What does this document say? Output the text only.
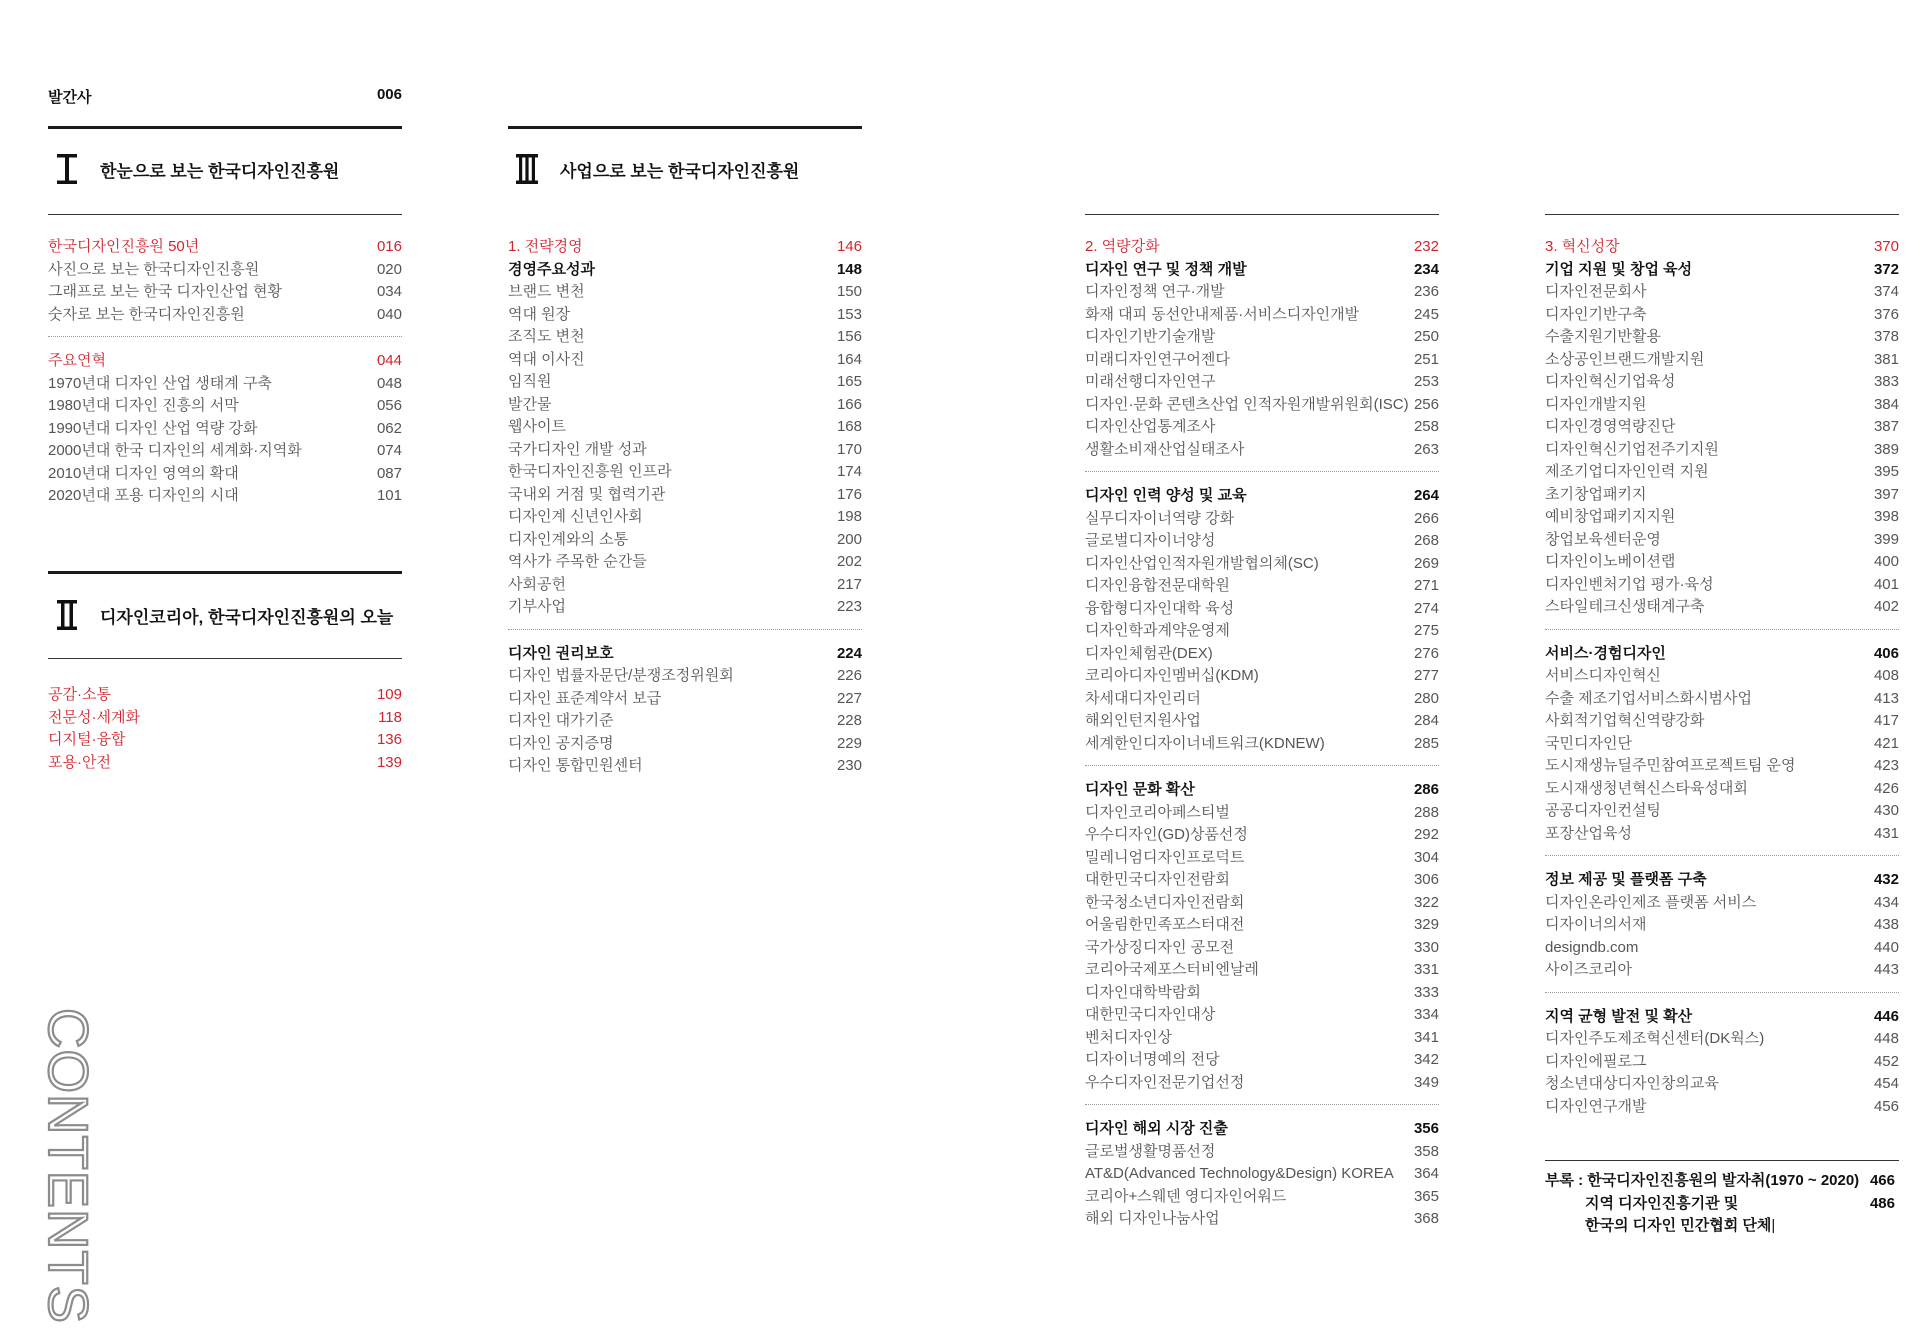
발간사	006
한눈으로 보는 한국디자인진흥원
디자인코리아, 한국디자인진흥원의 오늘
사업으로 보는 한국디자인진흥원
한국디자인진흥원 50년	016
사진으로 보는 한국디자인진흥원	020
그래프로 보는 한국 디자인산업 현황	034
숫자로 보는 한국디자인진흥원	040
주요연혁	044
1970년대 디자인 산업 생태계 구축	048
1980년대 디자인 진흥의 서막	056
1990년대 디자인 산업 역량 강화	062
2000년대 한국 디자인의 세계화·지역화	074
2010년대 디자인 영역의 확대	087
2020년대 포용 디자인의 시대	101
공감·소통	109
전문성·세계화	118
디지털·융합	136
포용·안전	139
1. 전략경영	146
경영주요성과	148
브랜드 변천	150
역대 원장	153
조직도 변천	156
역대 이사진	164
임직원	165
발간물	166
웹사이트	168
국가디자인 개발 성과	170
한국디자인진흥원 인프라	174
국내외 거점 및 협력기관	176
디자인계 신년인사회	198
디자인계와의 소통	200
역사가 주목한 순간들	202
사회공헌	217
기부사업	223
디자인 권리보호	224
디자인 법률자문단/분쟁조정위원회	226
디자인 표준계약서 보급	227
디자인 대가기준	228
디자인 공지증명	229
디자인 통합민원센터	230
2. 역량강화	232
디자인 연구 및 정책 개발	234
디자인정책 연구·개발	236
화재 대피 동선안내제품·서비스디자인개발	245
디자인기반기술개발	250
미래디자인연구어젠다	251
미래선행디자인연구	253
디자인·문화 콘텐츠산업 인적자원개발위원회(ISC) 256
디자인산업통계조사	258
생활소비재산업실태조사	263
디자인 인력 양성 및 교육	264
실무디자이너역량 강화	266
글로벌디자이너양성	268
디자인산업인적자원개발협의체(SC)	269
디자인융합전문대학원	271
융합형디자인대학 육성	274
디자인학과계약운영제	275
디자인체험관(DEX)	276
코리아디자인멤버십(KDM)	277
차세대디자인리더	280
해외인턴지원사업	284
세계한인디자이너네트워크(KDNEW)	285
디자인 문화 확산	286
디자인코리아페스티벌	288
우수디자인(GD)상품선정	292
밀레니엄디자인프로덕트	304
대한민국디자인전람회	306
한국청소년디자인전람회	322
어울림한민족포스터대전	329
국가상징디자인 공모전	330
코리아국제포스터비엔날레	331
디자인대학박람회	333
대한민국디자인대상	334
벤처디자인상	341
디자이너명예의 전당	342
우수디자인전문기업선정	349
디자인 해외 시장 진출	356
글로벌생활명품선정	358
AT&D(Advanced Technology&Design) KOREA 364
코리아+스웨덴 영디자인어워드	365
해외 디자인나눔사업	368
3. 혁신성장	370
기업 지원 및 창업 육성	372
디자인전문회사	374
디자인기반구축	376
수출지원기반활용	378
소상공인브랜드개발지원	381
디자인혁신기업육성	383
디자인개발지원	384
디자인경영역량진단	387
디자인혁신기업전주기지원	389
제조기업디자인인력 지원	395
초기창업패키지	397
예비창업패키지지원	398
창업보육센터운영	399
디자인이노베이션랩	400
디자인벤처기업 평가·육성	401
스타일테크신생태계구축	402
서비스·경험디자인	406
서비스디자인혁신	408
수출 제조기업서비스화시범사업	413
사회적기업혁신역량강화	417
국민디자인단	421
도시재생뉴딜주민참여프로젝트팀 운영	423
도시재생청년혁신스타육성대회	426
공공디자인컨설팅	430
포장산업육성	431
정보 제공 및 플랫폼 구축	432
디자인온라인제조 플랫폼 서비스	434
디자이너의서재	438
designdb.com	440
사이즈코리아	443
지역 균형 발전 및 확산	446
디자인주도제조혁신센터(DK웍스)	448
디자인에필로그	452
청소년대상디자인창의교육	454
디자인연구개발	456
부록 : 한국디자인진흥원의 발자취(1970 ~ 2020) 466
지역 디자인진흥기관 및	486
한국의 디자인 민간협회 단체|
CONTENTS
